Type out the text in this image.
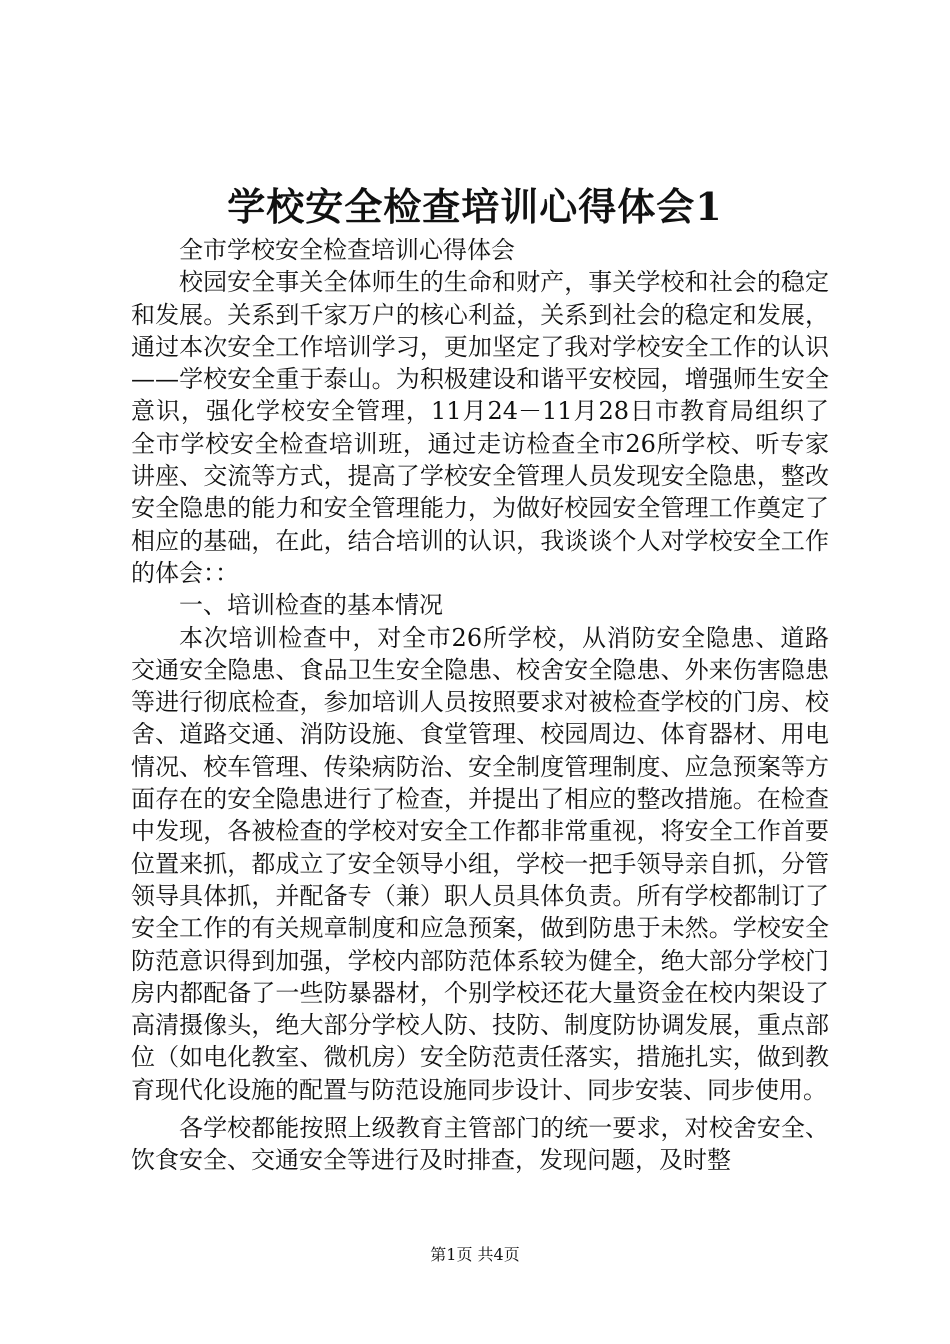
学校安全检查培训心得体会1

全市学校安全检查培训心得体会

校园安全事关全体师生的生命和财产，事关学校和社会的稳定和发展。关系到千家万户的核心利益，关系到社会的稳定和发展，通过本次安全工作培训学习，更加坚定了我对学校安全工作的认识——学校安全重于泰山。为积极建设和谐平安校园，增强师生安全意识，强化学校安全管理，11月24－11月28日市教育局组织了全市学校安全检查培训班，通过走访检查全市26所学校、听专家讲座、交流等方式，提高了学校安全管理人员发现安全隐患，整改安全隐患的能力和安全管理能力，为做好校园安全管理工作奠定了相应的基础，在此，结合培训的认识，我谈谈个人对学校安全工作的体会：：

一、培训检查的基本情况

本次培训检查中，对全市26所学校，从消防安全隐患、道路交通安全隐患、食品卫生安全隐患、校舍安全隐患、外来伤害隐患等进行彻底检查，参加培训人员按照要求对被检查学校的门房、校舍、道路交通、消防设施、食堂管理、校园周边、体育器材、用电情况、校车管理、传染病防治、安全制度管理制度、应急预案等方面存在的安全隐患进行了检查，并提出了相应的整改措施。在检查中发现，各被检查的学校对安全工作都非常重视，将安全工作首要位置来抓，都成立了安全领导小组，学校一把手领导亲自抓，分管领导具体抓，并配备专（兼）职人员具体负责。所有学校都制订了安全工作的有关规章制度和应急预案，做到防患于未然。学校安全防范意识得到加强，学校内部防范体系较为健全，绝大部分学校门房内都配备了一些防暴器材，个别学校还花大量资金在校内架设了高清摄像头，绝大部分学校人防、技防、制度防协调发展，重点部位（如电化教室、微机房）安全防范责任落实，措施扎实，做到教育现代化设施的配置与防范设施同步设计、同步安装、同步使用。

各学校都能按照上级教育主管部门的统一要求，对校舍安全、饮食安全、交通安全等进行及时排查，发现问题，及时整

第1页 共4页
